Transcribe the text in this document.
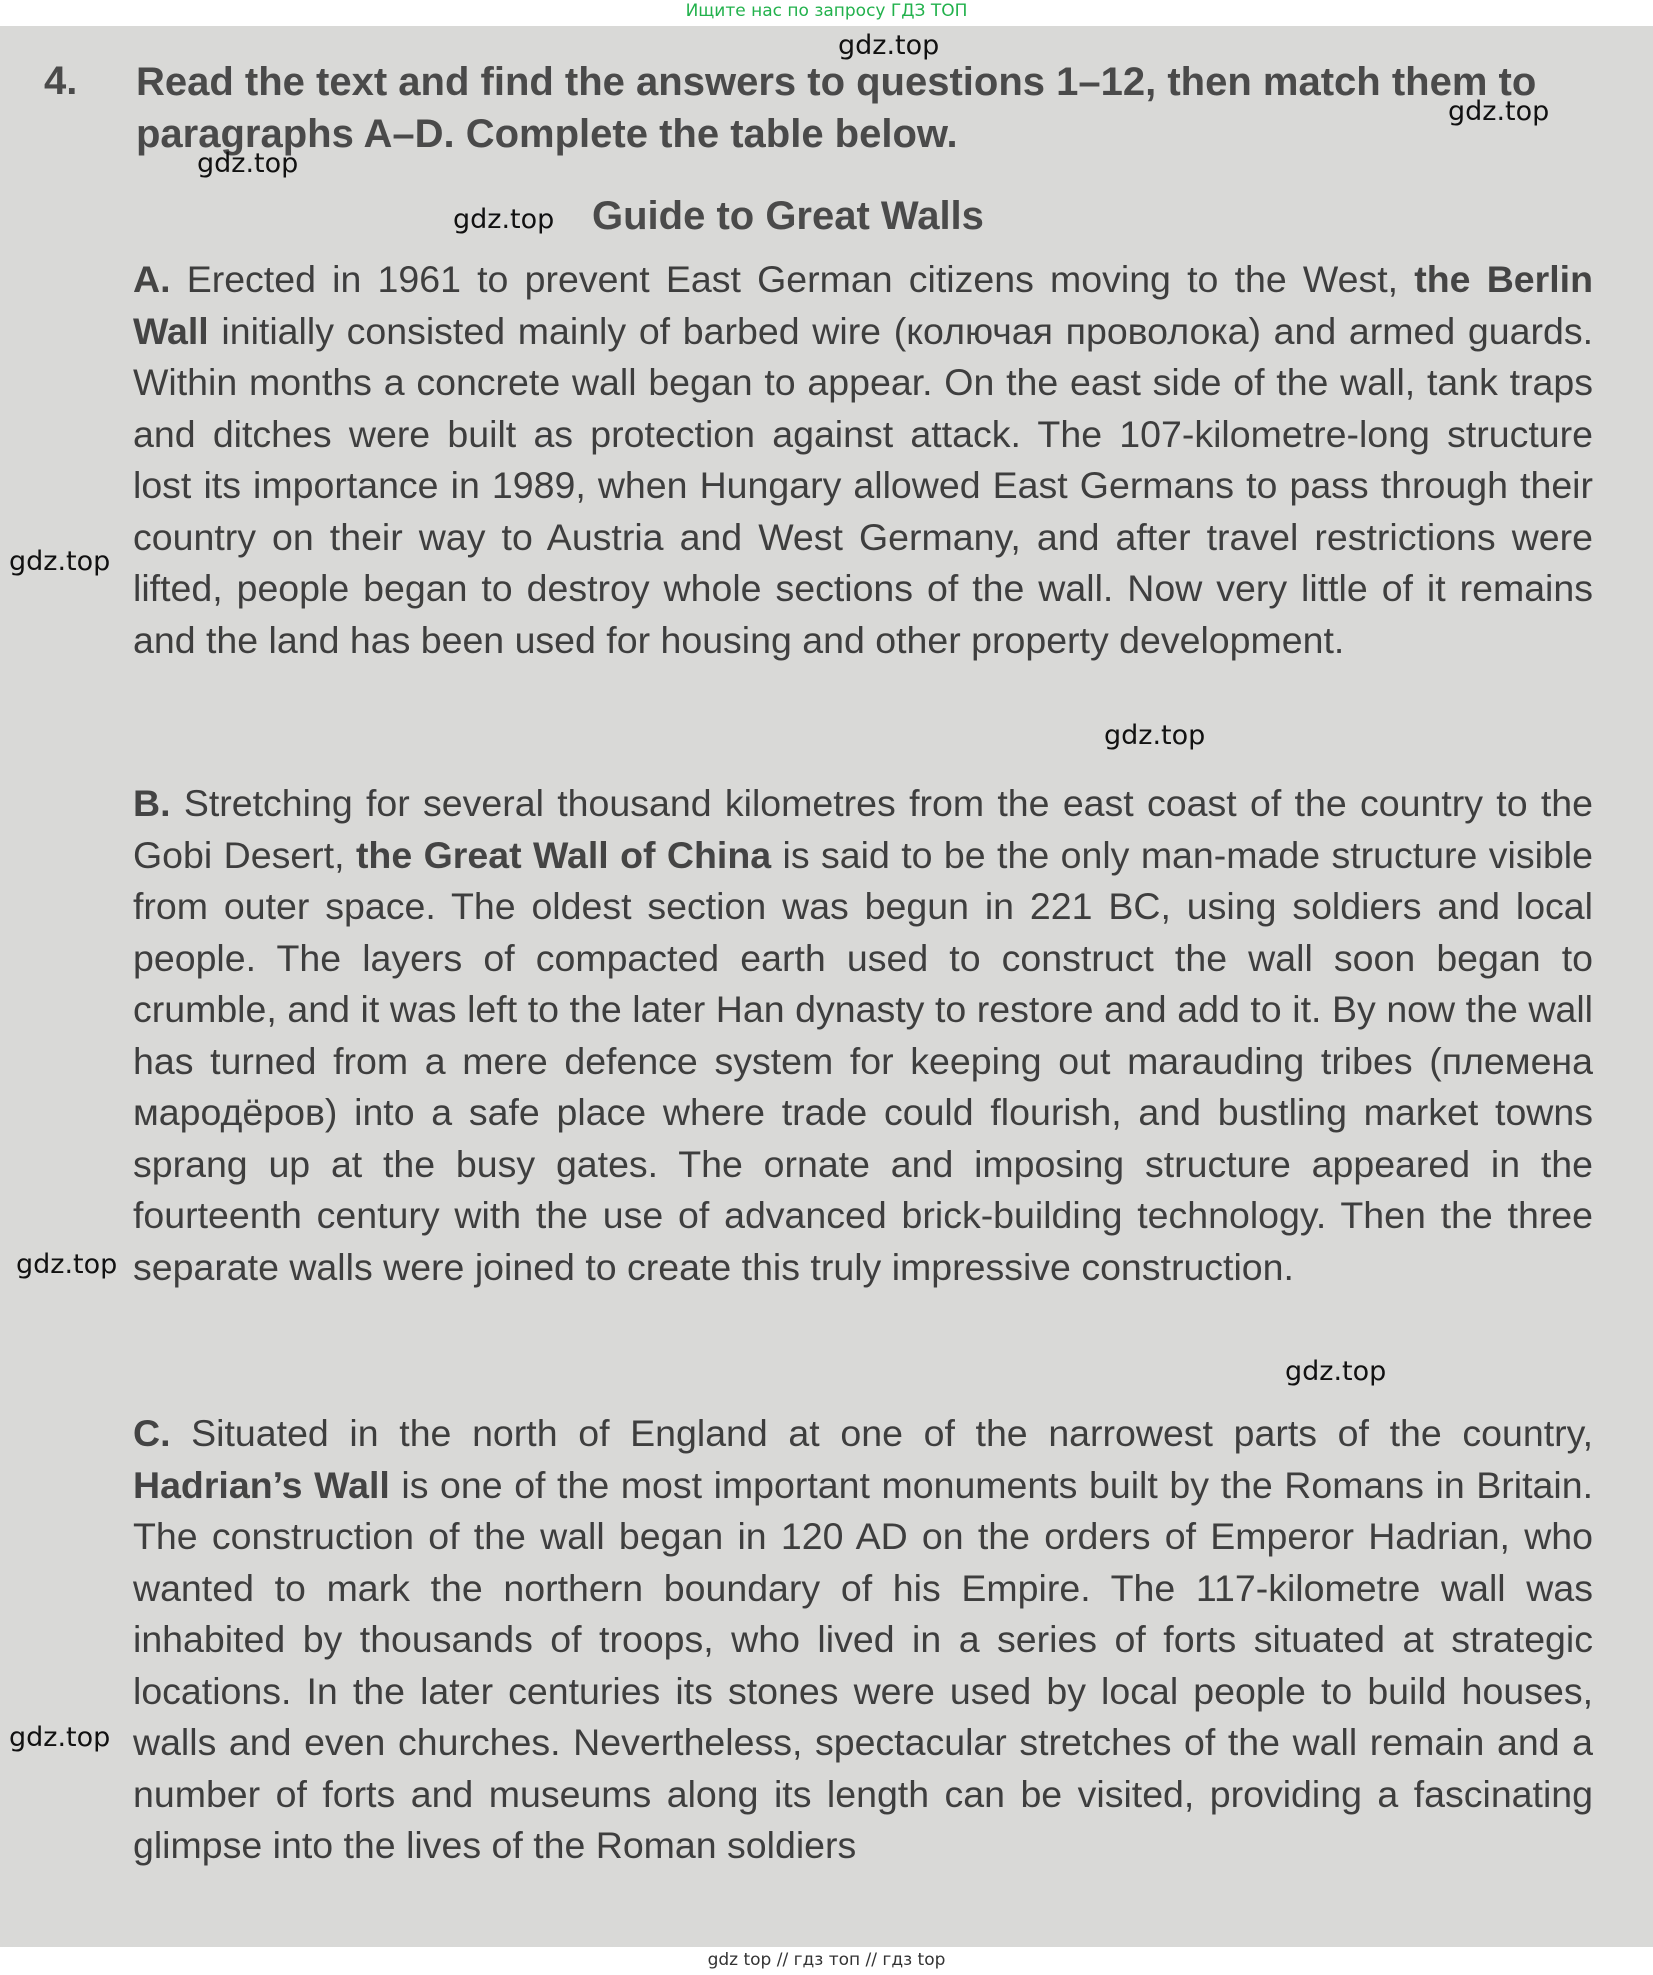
Ищите нас по запросу ГДЗ ТОП
4. Read the text and find the answers to questions 1–12, then match them to paragraphs A–D. Complete the table below.
Guide to Great Walls
A. Erected in 1961 to prevent East German citizens moving to the West, the Berlin Wall initially consisted mainly of barbed wire (колючая проволока) and armed guards. Within months a concrete wall began to appear. On the east side of the wall, tank traps and ditches were built as protection against attack. The 107-kilometre-long structure lost its importance in 1989, when Hungary allowed East Germans to pass through their country on their way to Austria and West Germany, and after travel restrictions were lifted, people began to destroy whole sections of the wall. Now very little of it remains and the land has been used for housing and other property development.
B. Stretching for several thousand kilometres from the east coast of the country to the Gobi Desert, the Great Wall of China is said to be the only man-made structure visible from outer space. The oldest section was begun in 221 BC, using soldiers and local people. The layers of compacted earth used to construct the wall soon began to crumble, and it was left to the later Han dynasty to restore and add to it. By now the wall has turned from a mere defence system for keeping out marauding tribes (племена мародёров) into a safe place where trade could flourish, and bustling market towns sprang up at the busy gates. The ornate and imposing structure appeared in the fourteenth century with the use of advanced brick-building technology. Then the three separate walls were joined to create this truly impressive construction.
C. Situated in the north of England at one of the narrowest parts of the country, Hadrian’s Wall is one of the most important monuments built by the Romans in Britain. The construction of the wall began in 120 AD on the orders of Emperor Hadrian, who wanted to mark the northern boundary of his Empire. The 117-kilometre wall was inhabited by thousands of troops, who lived in a series of forts situated at strategic locations. In the later centuries its stones were used by local people to build houses, walls and even churches. Nevertheless, spectacular stretches of the wall remain and a number of forts and museums along its length can be visited, providing a fascinating glimpse into the lives of the Roman soldiers
gdz.top
gdz.top
gdz.top
gdz.top
gdz.top
gdz.top
gdz.top
gdz.top
gdz.top
gdz top // гдз топ // гдз top
